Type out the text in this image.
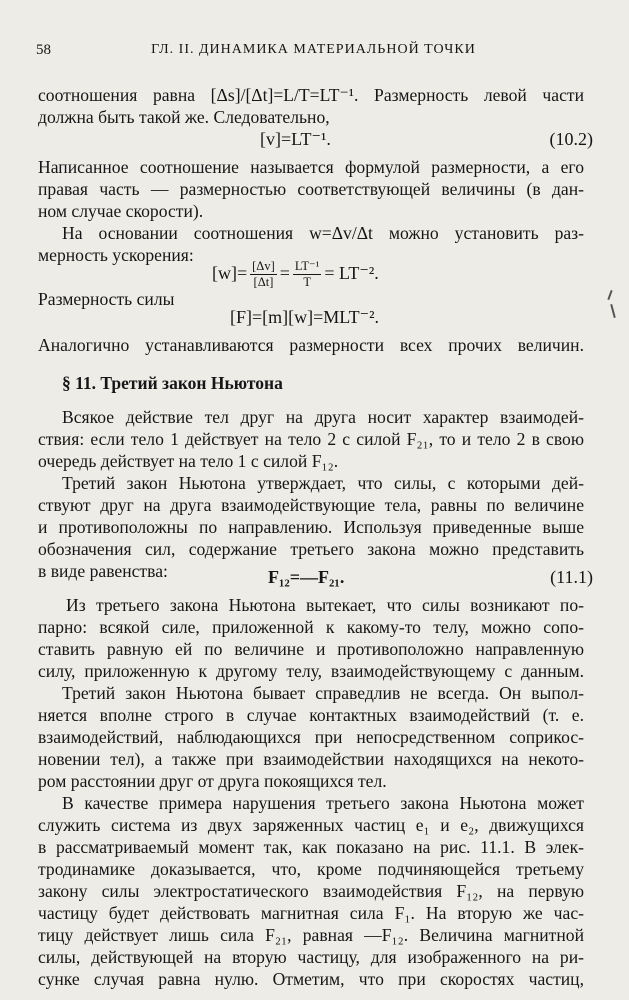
58	ГЛ. II. ДИНАМИКА МАТЕРИАЛЬНОЙ ТОЧКИ
соотношения равна [Δs]/[Δt]=L/T=LT⁻¹. Размерность левой части
должна быть такой же. Следовательно,
[v]=LT⁻¹.	(10.2)
Написанное соотношение называется формулой размерности, а его
правая часть — размерностью соответствующей величины (в дан-
ном случае скорости).
На основании соотношения w=Δv/Δt можно установить раз-
мерность ускорения:
$[w]= \frac{[\Delta v]}{[\Delta t]} = \frac{\text{LT⁻¹}}{T} = LT^{-2}$.
Размерность силы
[F]=[m][w]=MLT⁻².
Аналогично устанавливаются размерности всех прочих величин.
§ 11. Третий закон Ньютона
Всякое действие тел друг на друга носит характер взаимодей-
ствия: если тело 1 действует на тело 2 с силой F₂₁, то и тело 2 в свою
очередь действует на тело 1 с силой F₁₂.
Третий закон Ньютона утверждает, что силы, с которыми дей-
ствуют друг на друга взаимодействующие тела, равны по величине
и противоположны по направлению. Используя приведенные выше
обозначения сил, содержание третьего закона можно представить
в виде равенства:	F₁₂=—F₂₁.	(11.1)
Из третьего закона Ньютона вытекает, что силы возникают по-
парно: всякой силе, приложенной к какому-то телу, можно сопо-
ставить равную ей по величине и противоположно направленную
силу, приложенную к другому телу, взаимодействующему с данным.
Третий закон Ньютона бывает справедлив не всегда. Он выпол-
няется вполне строго в случае контактных взаимодействий (т. е.
взаимодействий, наблюдающихся при непосредственном соприкос-
новении тел), а также при взаимодействии находящихся на некото-
ром расстоянии друг от друга покоящихся тел.
В качестве примера нарушения третьего закона Ньютона может
служить система из двух заряженных частиц e₁ и e₂, движущихся
в рассматриваемый момент так, как показано на рис. 11.1. В элек-
тродинамике доказывается, что, кроме подчиняющейся третьему
закону силы электростатического взаимодействия F₁₂, на первую
частицу будет действовать магнитная сила F₁. На вторую же час-
тицу действует лишь сила F₂₁, равная —F₁₂. Величина магнитной
силы, действующей на вторую частицу, для изображенного на ри-
сунке случая равна нулю. Отметим, что при скоростях частиц,
